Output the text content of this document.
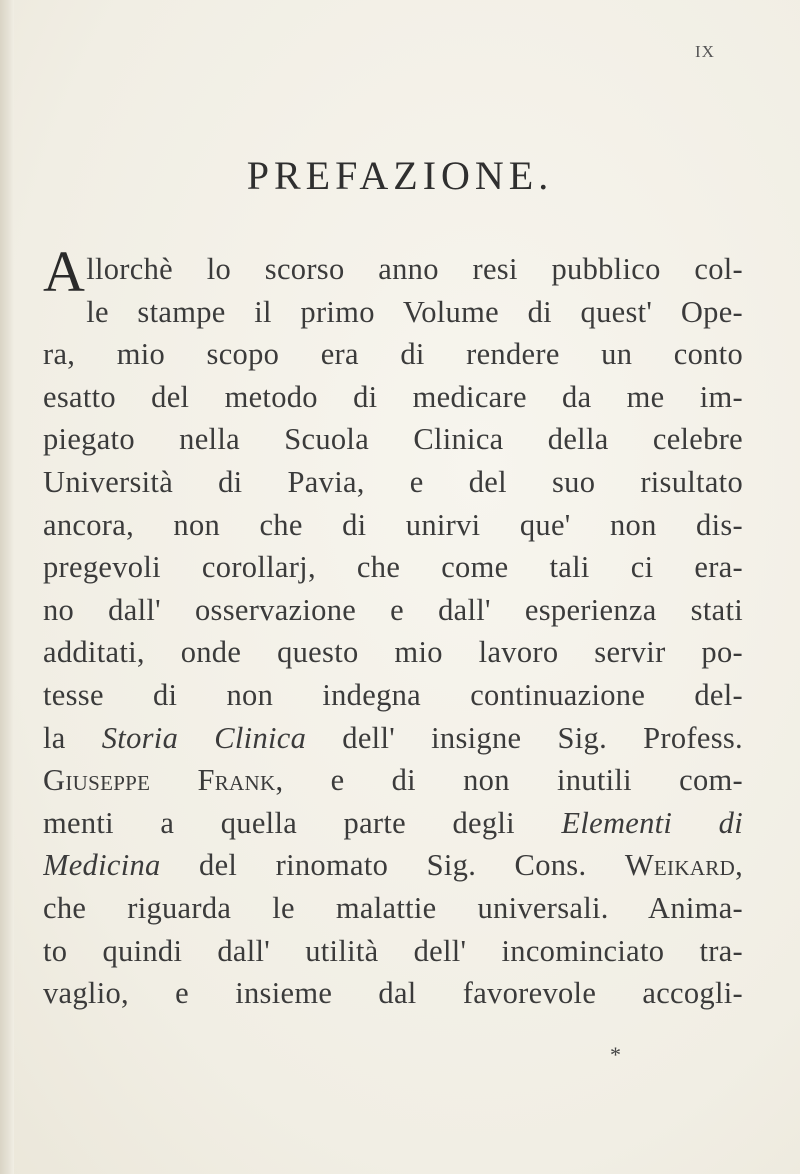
IX
PREFAZIONE.
A llorchè lo scorso anno resi pubblico col-
le stampe il primo Volume di quest' Ope-
ra, mio scopo era di rendere un conto
esatto del metodo di medicare da me im-
piegato nella Scuola Clinica della celebre
Università di Pavia, e del suo risultato
ancora, non che di unirvi que' non dis-
pregevoli corollarj, che come tali ci era-
no dall' osservazione e dall' esperienza stati
additati, onde questo mio lavoro servir po-
tesse di non indegna continuazione del-
la Storia Clinica dell' insigne Sig. Profess.
Giuseppe Frank, e di non inutili com-
menti a quella parte degli Elementi di
Medicina del rinomato Sig. Cons. Weikard,
che riguarda le malattie universali. Anima-
to quindi dall' utilità dell' incominciato tra-
vaglio, e insieme dal favorevole accogli-
*
